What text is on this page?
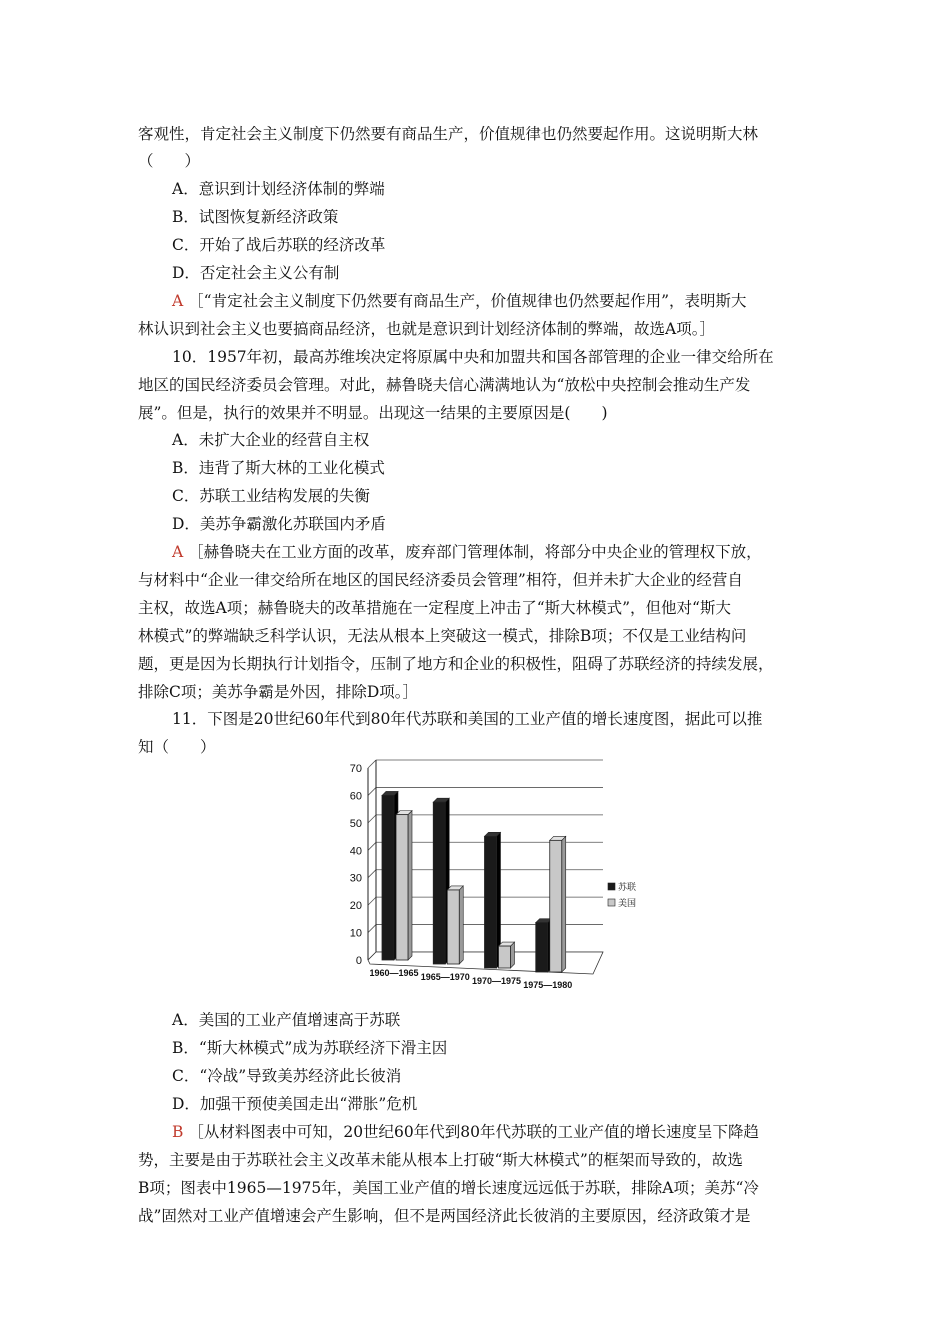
客观性，肯定社会主义制度下仍然要有商品生产，价值规律也仍然要起作用。这说明斯大林
（　　）
A．意识到计划经济体制的弊端
B．试图恢复新经济政策
C．开始了战后苏联的经济改革
D．否定社会主义公有制
A ［“肯定社会主义制度下仍然要有商品生产，价值规律也仍然要起作用”，表明斯大
林认识到社会主义也要搞商品经济，也就是意识到计划经济体制的弊端，故选A项。］
10．1957年初，最高苏维埃决定将原属中央和加盟共和国各部管理的企业一律交给所在
地区的国民经济委员会管理。对此，赫鲁晓夫信心满满地认为“放松中央控制会推动生产发
展”。但是，执行的效果并不明显。出现这一结果的主要原因是(　　)
A．未扩大企业的经营自主权
B．违背了斯大林的工业化模式
C．苏联工业结构发展的失衡
D．美苏争霸激化苏联国内矛盾
A ［赫鲁晓夫在工业方面的改革，废弃部门管理体制，将部分中央企业的管理权下放，
与材料中“企业一律交给所在地区的国民经济委员会管理”相符，但并未扩大企业的经营自
主权，故选A项；赫鲁晓夫的改革措施在一定程度上冲击了“斯大林模式”，但他对“斯大
林模式”的弊端缺乏科学认识，无法从根本上突破这一模式，排除B项；不仅是工业结构问
题，更是因为长期执行计划指令，压制了地方和企业的积极性，阻碍了苏联经济的持续发展，
排除C项；美苏争霸是外因，排除D项。］
11．下图是20世纪60年代到80年代苏联和美国的工业产值的增长速度图，据此可以推
知（　　）
0
10
20
30
40
50
60
70
1960—1965 1965—1970 1970—1975 1975—1980
苏联
美国
A．美国的工业产值增速高于苏联
B．“斯大林模式”成为苏联经济下滑主因
C．“冷战”导致美苏经济此长彼消
D．加强干预使美国走出“滞胀”危机
B ［从材料图表中可知，20世纪60年代到80年代苏联的工业产值的增长速度呈下降趋
势，主要是由于苏联社会主义改革未能从根本上打破“斯大林模式”的框架而导致的，故选
B项；图表中1965—1975年，美国工业产值的增长速度远远低于苏联，排除A项；美苏“冷
战”固然对工业产值增速会产生影响，但不是两国经济此长彼消的主要原因，经济政策才是
